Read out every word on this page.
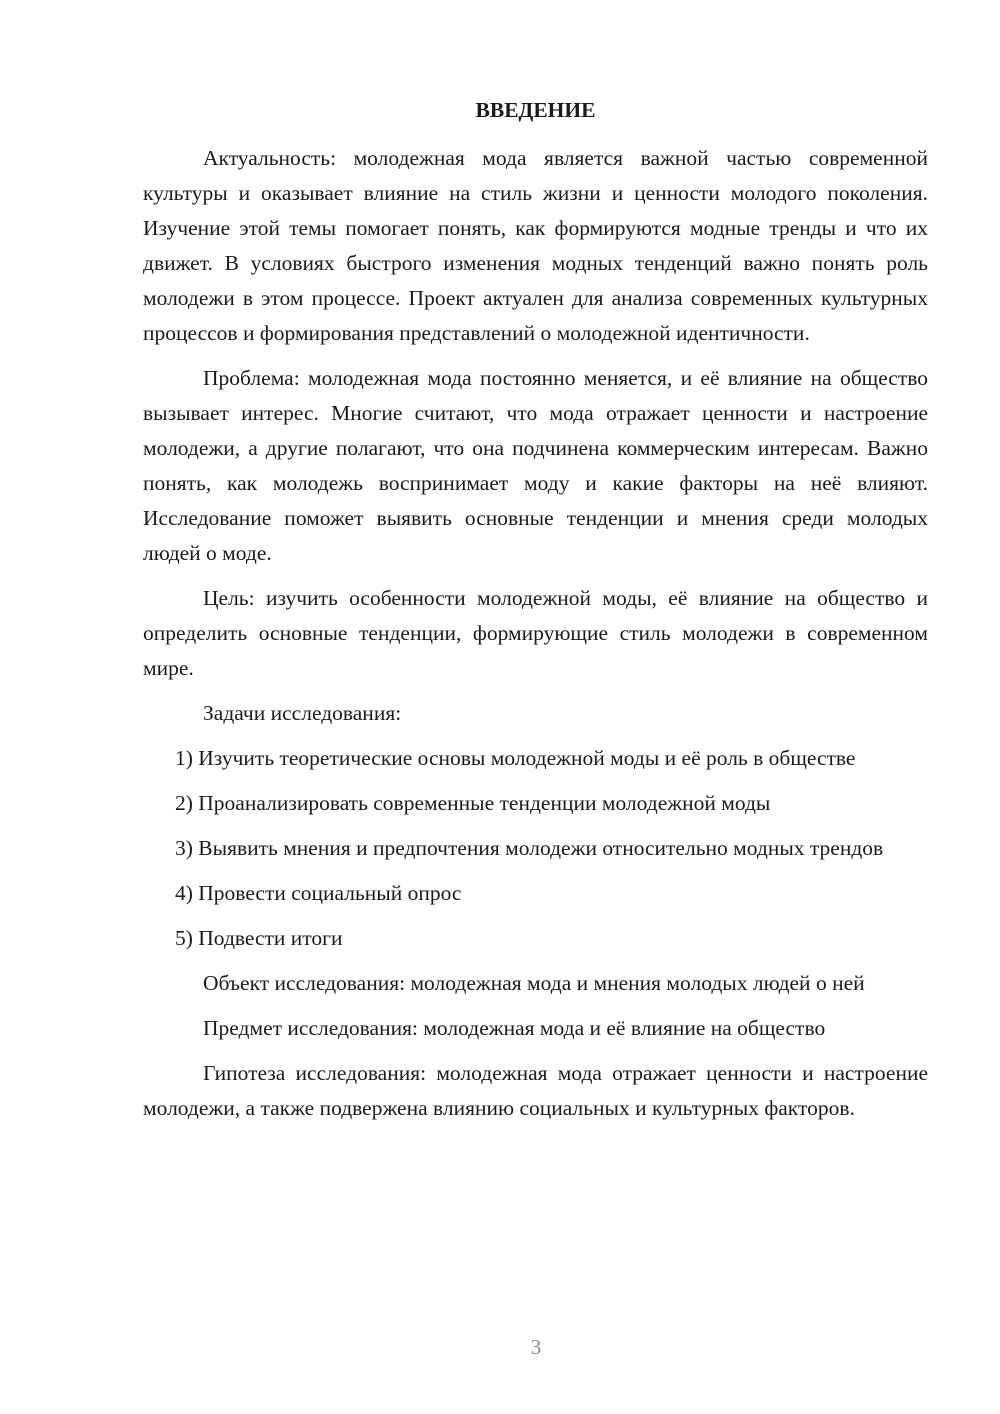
ВВЕДЕНИЕ

Актуальность: молодежная мода является важной частью современной культуры и оказывает влияние на стиль жизни и ценности молодого поколения. Изучение этой темы помогает понять, как формируются модные тренды и что их движет. В условиях быстрого изменения модных тенденций важно понять роль молодежи в этом процессе. Проект актуален для анализа современных культурных процессов и формирования представлений о молодежной идентичности.

Проблема: молодежная мода постоянно меняется, и её влияние на общество вызывает интерес. Многие считают, что мода отражает ценности и настроение молодежи, а другие полагают, что она подчинена коммерческим интересам. Важно понять, как молодежь воспринимает моду и какие факторы на неё влияют. Исследование поможет выявить основные тенденции и мнения среди молодых людей о моде.

Цель: изучить особенности молодежной моды, её влияние на общество и определить основные тенденции, формирующие стиль молодежи в современном мире.

Задачи исследования:

1) Изучить теоретические основы молодежной моды и её роль в обществе

2) Проанализировать современные тенденции молодежной моды

3) Выявить мнения и предпочтения молодежи относительно модных трендов

4) Провести социальный опрос

5) Подвести итоги

Объект исследования: молодежная мода и мнения молодых людей о ней

Предмет исследования: молодежная мода и её влияние на общество

Гипотеза исследования: молодежная мода отражает ценности и настроение молодежи, а также подвержена влиянию социальных и культурных факторов.

3
